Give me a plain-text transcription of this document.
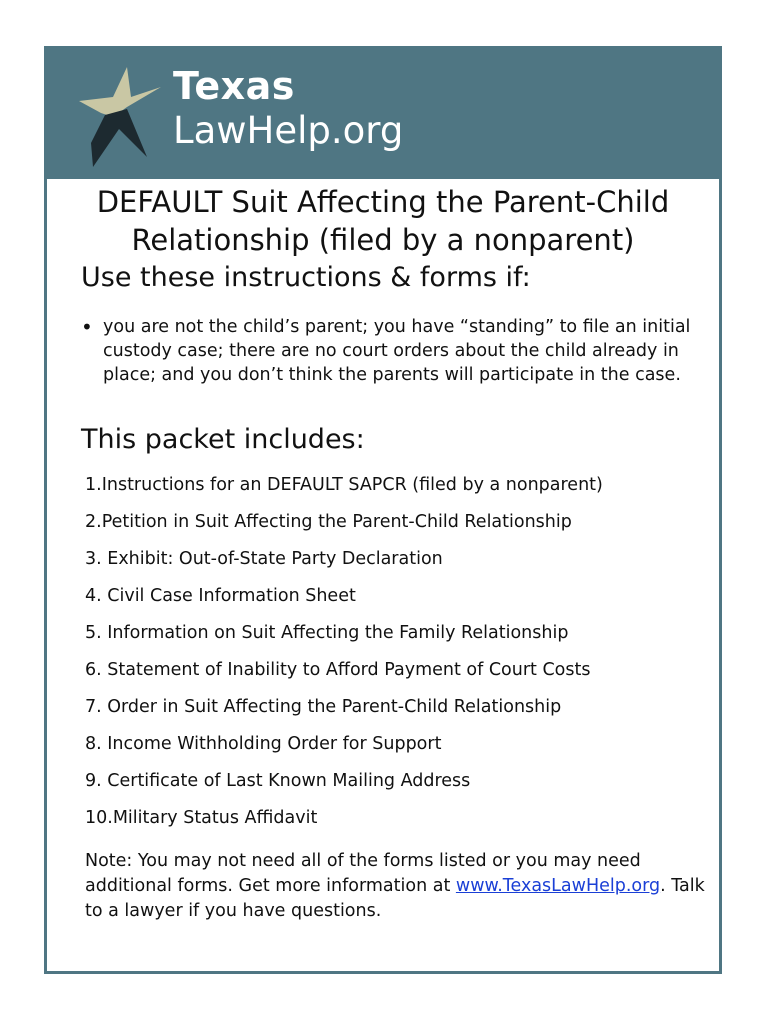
Texas
LawHelp.org
DEFAULT Suit Affecting the Parent-Child Relationship (filed by a nonparent)
Use these instructions & forms if:
• you are not the child’s parent; you have “standing” to file an initial custody case; there are no court orders about the child already in place; and you don’t think the parents will participate in the case.
This packet includes:
1.Instructions for an DEFAULT SAPCR (filed by a nonparent)
2.Petition in Suit Affecting the Parent-Child Relationship
3. Exhibit: Out-of-State Party Declaration
4. Civil Case Information Sheet
5. Information on Suit Affecting the Family Relationship
6. Statement of Inability to Afford Payment of Court Costs
7. Order in Suit Affecting the Parent-Child Relationship
8. Income Withholding Order for Support
9. Certificate of Last Known Mailing Address
10.Military Status Affidavit
Note: You may not need all of the forms listed or you may need additional forms. Get more information at www.TexasLawHelp.org. Talk to a lawyer if you have questions.
